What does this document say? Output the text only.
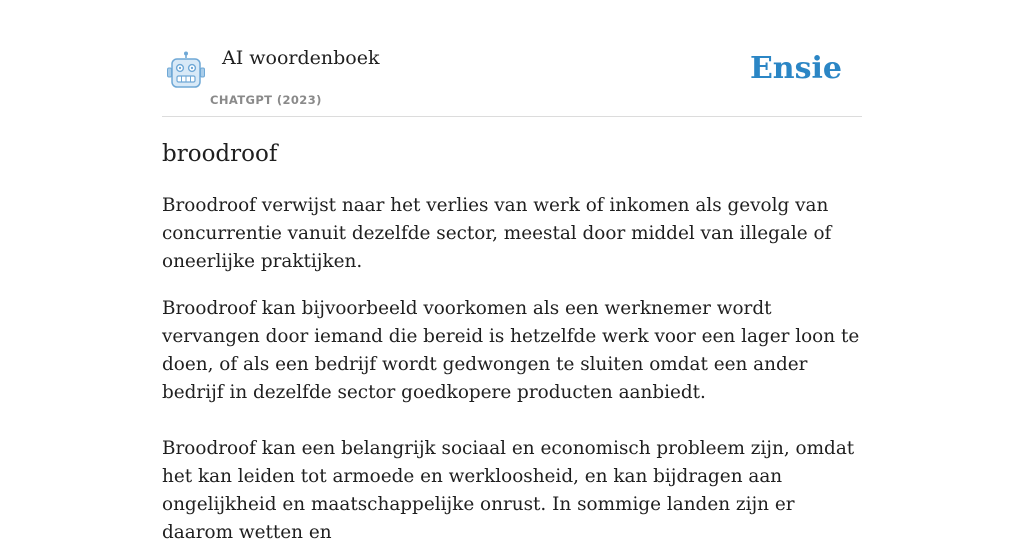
AI woordenboek
CHATGPT (2023)
Ensie
broodroof

Broodroof verwijst naar het verlies van werk of inkomen als gevolg van concurrentie vanuit dezelfde sector, meestal door middel van illegale of oneerlijke praktijken.

Broodroof kan bijvoorbeeld voorkomen als een werknemer wordt vervangen door iemand die bereid is hetzelfde werk voor een lager loon te doen, of als een bedrijf wordt gedwongen te sluiten omdat een ander bedrijf in dezelfde sector goedkopere producten aanbiedt.

Broodroof kan een belangrijk sociaal en economisch probleem zijn, omdat het kan leiden tot armoede en werkloosheid, en kan bijdragen aan ongelijkheid en maatschappelijke onrust. In sommige landen zijn er daarom wetten en
